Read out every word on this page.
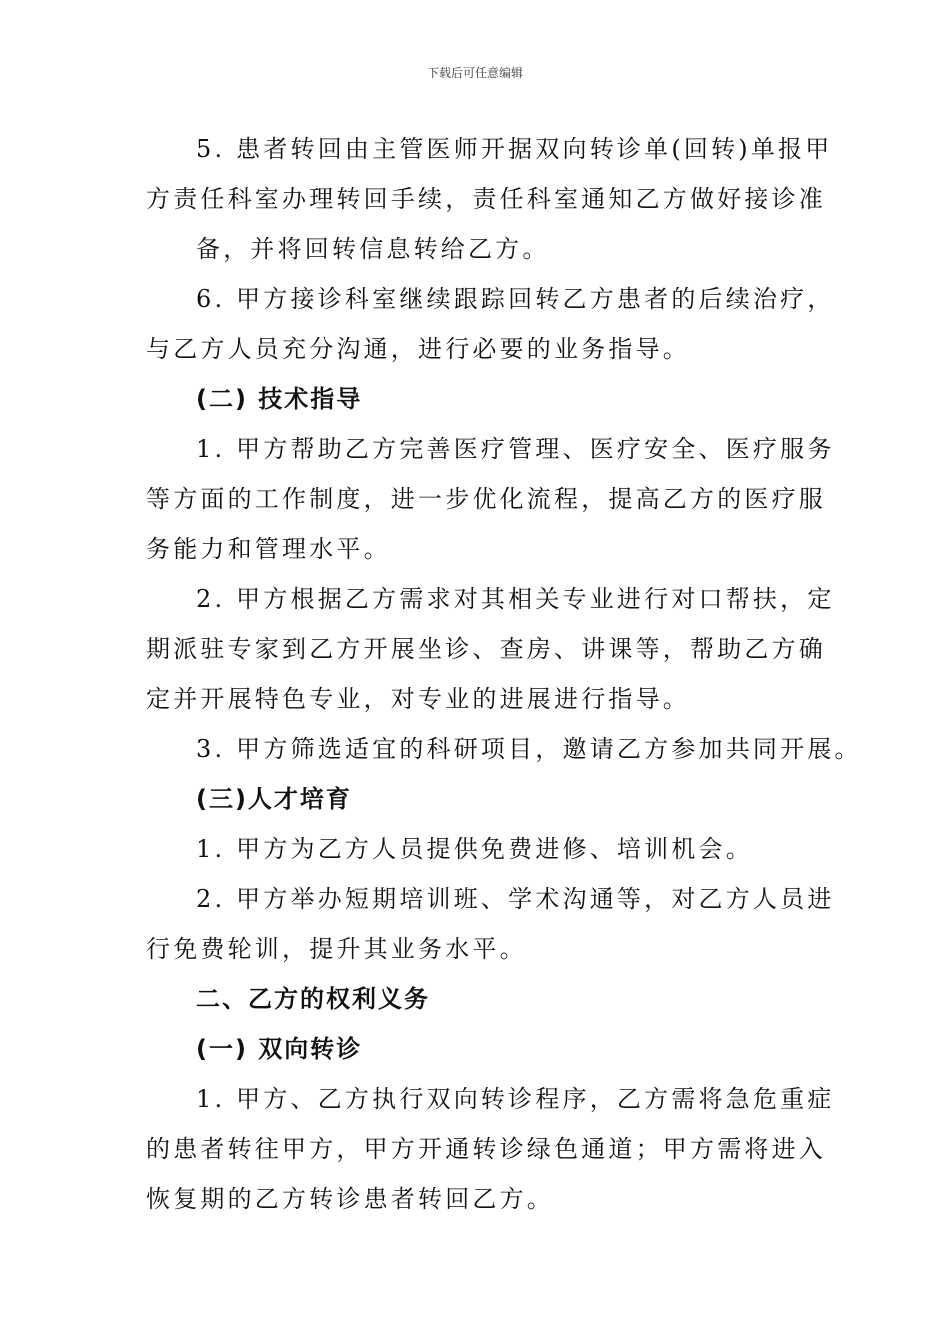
下载后可任意编辑
5. 患者转回由主管医师开据双向转诊单(回转)单报甲
方责任科室办理转回手续，责任科室通知乙方做好接诊准
备，并将回转信息转给乙方。
6. 甲方接诊科室继续跟踪回转乙方患者的后续治疗，
与乙方人员充分沟通，进行必要的业务指导。
(二) 技术指导
1. 甲方帮助乙方完善医疗管理、医疗安全、医疗服务
等方面的工作制度，进一步优化流程，提高乙方的医疗服
务能力和管理水平。
2. 甲方根据乙方需求对其相关专业进行对口帮扶，定
期派驻专家到乙方开展坐诊、查房、讲课等，帮助乙方确
定并开展特色专业，对专业的进展进行指导。
3. 甲方筛选适宜的科研项目，邀请乙方参加共同开展。
(三)人才培育
1. 甲方为乙方人员提供免费进修、培训机会。
2. 甲方举办短期培训班、学术沟通等，对乙方人员进
行免费轮训，提升其业务水平。
二、乙方的权利义务
(一) 双向转诊
1. 甲方、乙方执行双向转诊程序，乙方需将急危重症
的患者转往甲方，甲方开通转诊绿色通道；甲方需将进入
恢复期的乙方转诊患者转回乙方。
